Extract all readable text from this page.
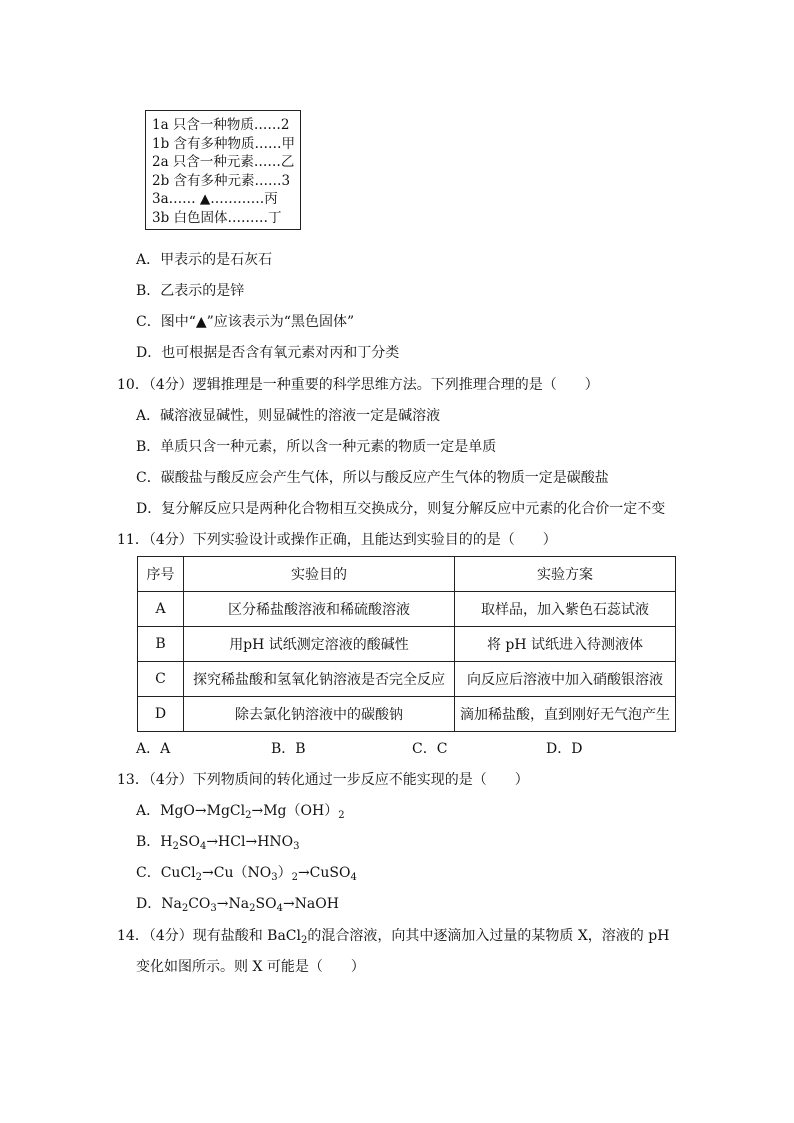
1a 只含一种物质……2
1b 含有多种物质……甲
2a 只含一种元素……乙
2b 含有多种元素……3
3a…… ▲…………丙
3b 白色固体………丁
A．甲表示的是石灰石
B．乙表示的是锌
C．图中“▲”应该表示为“黑色固体”
D．也可根据是否含有氧元素对丙和丁分类
10．（4分）逻辑推理是一种重要的科学思维方法。下列推理合理的是（　　）
A．碱溶液显碱性，则显碱性的溶液一定是碱溶液
B．单质只含一种元素，所以含一种元素的物质一定是单质
C．碳酸盐与酸反应会产生气体，所以与酸反应产生气体的物质一定是碳酸盐
D．复分解反应只是两种化合物相互交换成分，则复分解反应中元素的化合价一定不变
11．（4分）下列实验设计或操作正确，且能达到实验目的的是（　　）
序号	实验目的	实验方案
A	区分稀盐酸溶液和稀硫酸溶液	取样品，加入紫色石蕊试液
B	用pH 试纸测定溶液的酸碱性	将 pH 试纸进入待测液体
C	探究稀盐酸和氢氧化钠溶液是否完全反应	向反应后溶液中加入硝酸银溶液
D	除去氯化钠溶液中的碳酸钠	滴加稀盐酸，直到刚好无气泡产生
A．A	B．B	C．C	D．D
13．（4分）下列物质间的转化通过一步反应不能实现的是（　　）
A．$MgO\to MgCl_2\to Mg(OH)_2$
B．$H_2SO_4\to HCl\to HNO_3$
C．$CuCl_2\to Cu(NO_3)_2\to CuSO_4$
D．$Na_2CO_3\to Na_2SO_4\to NaOH$
14．（4分）现有盐酸和 BaCl$_2$的混合溶液，向其中逐滴加入过量的某物质 X，溶液的 pH
变化如图所示。则 X 可能是（　　）
